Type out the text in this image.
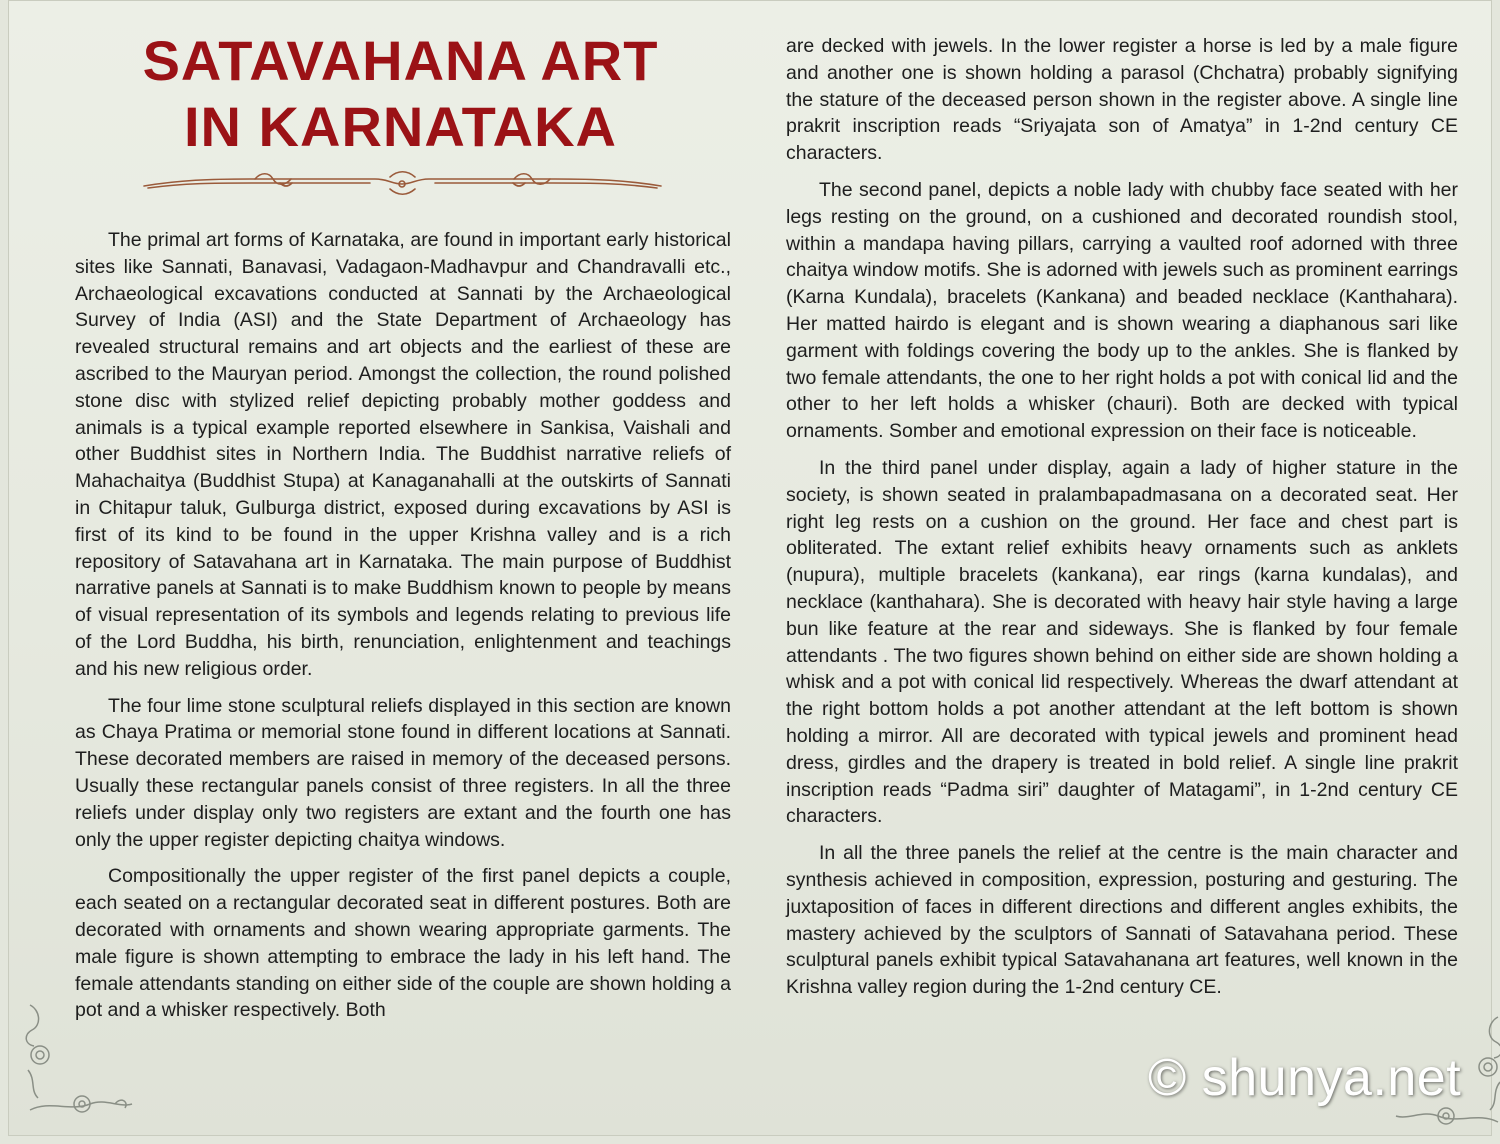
SATAVAHANA ART
IN KARNATAKA

The primal art forms of Karnataka, are found in important early historical sites like Sannati, Banavasi, Vadagaon-Madhavpur and Chandravalli etc., Archaeological excavations conducted at Sannati by the Archaeological Survey of India (ASI) and the State Department of Archaeology has revealed structural remains and art objects and the earliest of these are ascribed to the Mauryan period. Amongst the collection, the round polished stone disc with stylized relief depicting probably mother goddess and animals is a typical example reported elsewhere in Sankisa, Vaishali and other Buddhist sites in Northern India. The Buddhist narrative reliefs of Mahachaitya (Buddhist Stupa) at Kanaganahalli at the outskirts of Sannati in Chitapur taluk, Gulburga district, exposed during excavations by ASI is first of its kind to be found in the upper Krishna valley and is a rich repository of Satavahana art in Karnataka. The main purpose of Buddhist narrative panels at Sannati is to make Buddhism known to people by means of visual representation of its symbols and legends relating to previous life of the Lord Buddha, his birth, renunciation, enlightenment and teachings and his new religious order.

The four lime stone sculptural reliefs displayed in this section are known as Chaya Pratima or memorial stone found in different locations at Sannati. These decorated members are raised in memory of the deceased persons. Usually these rectangular panels consist of three registers. In all the three reliefs under display only two registers are extant and the fourth one has only the upper register depicting chaitya windows.

Compositionally the upper register of the first panel depicts a couple, each seated on a rectangular decorated seat in different postures. Both are decorated with ornaments and shown wearing appropriate garments. The male figure is shown attempting to embrace the lady in his left hand. The female attendants standing on either side of the couple are shown holding a pot and a whisker respectively. Both

are decked with jewels. In the lower register a horse is led by a male figure and another one is shown holding a parasol (Chchatra) probably signifying the stature of the deceased person shown in the register above. A single line prakrit inscription reads “Sriyajata son of Amatya” in 1-2nd century CE characters.

The second panel, depicts a noble lady with chubby face seated with her legs resting on the ground, on a cushioned and decorated roundish stool, within a mandapa having pillars, carrying a vaulted roof adorned with three chaitya window motifs. She is adorned with jewels such as prominent earrings (Karna Kundala), bracelets (Kankana) and beaded necklace (Kanthahara). Her matted hairdo is elegant and is shown wearing a diaphanous sari like garment with foldings covering the body up to the ankles. She is flanked by two female attendants, the one to her right holds a pot with conical lid and the other to her left holds a whisker (chauri). Both are decked with typical ornaments. Somber and emotional expression on their face is noticeable.

In the third panel under display, again a lady of higher stature in the society, is shown seated in pralambapadmasana on a decorated seat. Her right leg rests on a cushion on the ground. Her face and chest part is obliterated. The extant relief exhibits heavy ornaments such as anklets (nupura), multiple bracelets (kankana), ear rings (karna kundalas), and necklace (kanthahara). She is decorated with heavy hair style having a large bun like feature at the rear and sideways. She is flanked by four female attendants . The two figures shown behind on either side are shown holding a whisk and a pot with conical lid respectively. Whereas the dwarf attendant at the right bottom holds a pot another attendant at the left bottom is shown holding a mirror. All are decorated with typical jewels and prominent head dress, girdles and the drapery is treated in bold relief. A single line prakrit inscription reads “Padma siri” daughter of Matagami”, in 1-2nd century CE characters.

In all the three panels the relief at the centre is the main character and synthesis achieved in composition, expression, posturing and gesturing. The juxtaposition of faces in different directions and different angles exhibits, the mastery achieved by the sculptors of Sannati of Satavahana period. These sculptural panels exhibit typical Satavahanana art features, well known in the Krishna valley region during the 1-2nd century CE.

© shunya.net
